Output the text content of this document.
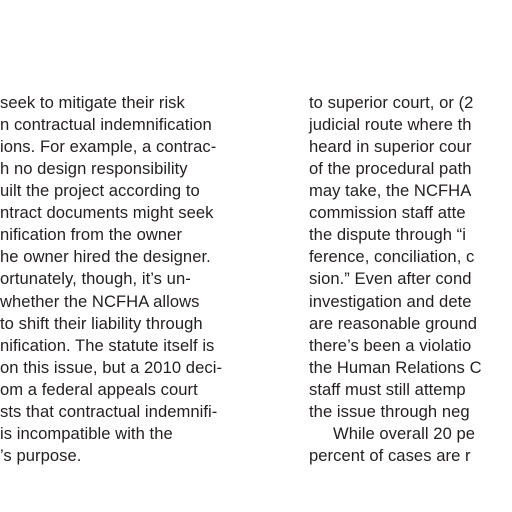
seek to mitigate their risk
n contractual indemnification
ions. For example, a contrac-
h no design responsibility
uilt the project according to
ntract documents might seek
nification from the owner
he owner hired the designer.
ortunately, though, it’s un-
whether the NCFHA allows
to shift their liability through
nification. The statute itself is
on this issue, but a 2010 deci-
om a federal appeals court
sts that contractual indemnifi-
is incompatible with the
’s purpose.
to superior court, or (2
judicial route where th
heard in superior cour
of the procedural path
may take, the NCFHA
commission staff atte
the dispute through “i
ference, conciliation, c
sion.” Even after cond
investigation and dete
are reasonable ground
there’s been a violatio
the Human Relations C
staff must still attemp
the issue through neg
While overall 20 pe
percent of cases are r
